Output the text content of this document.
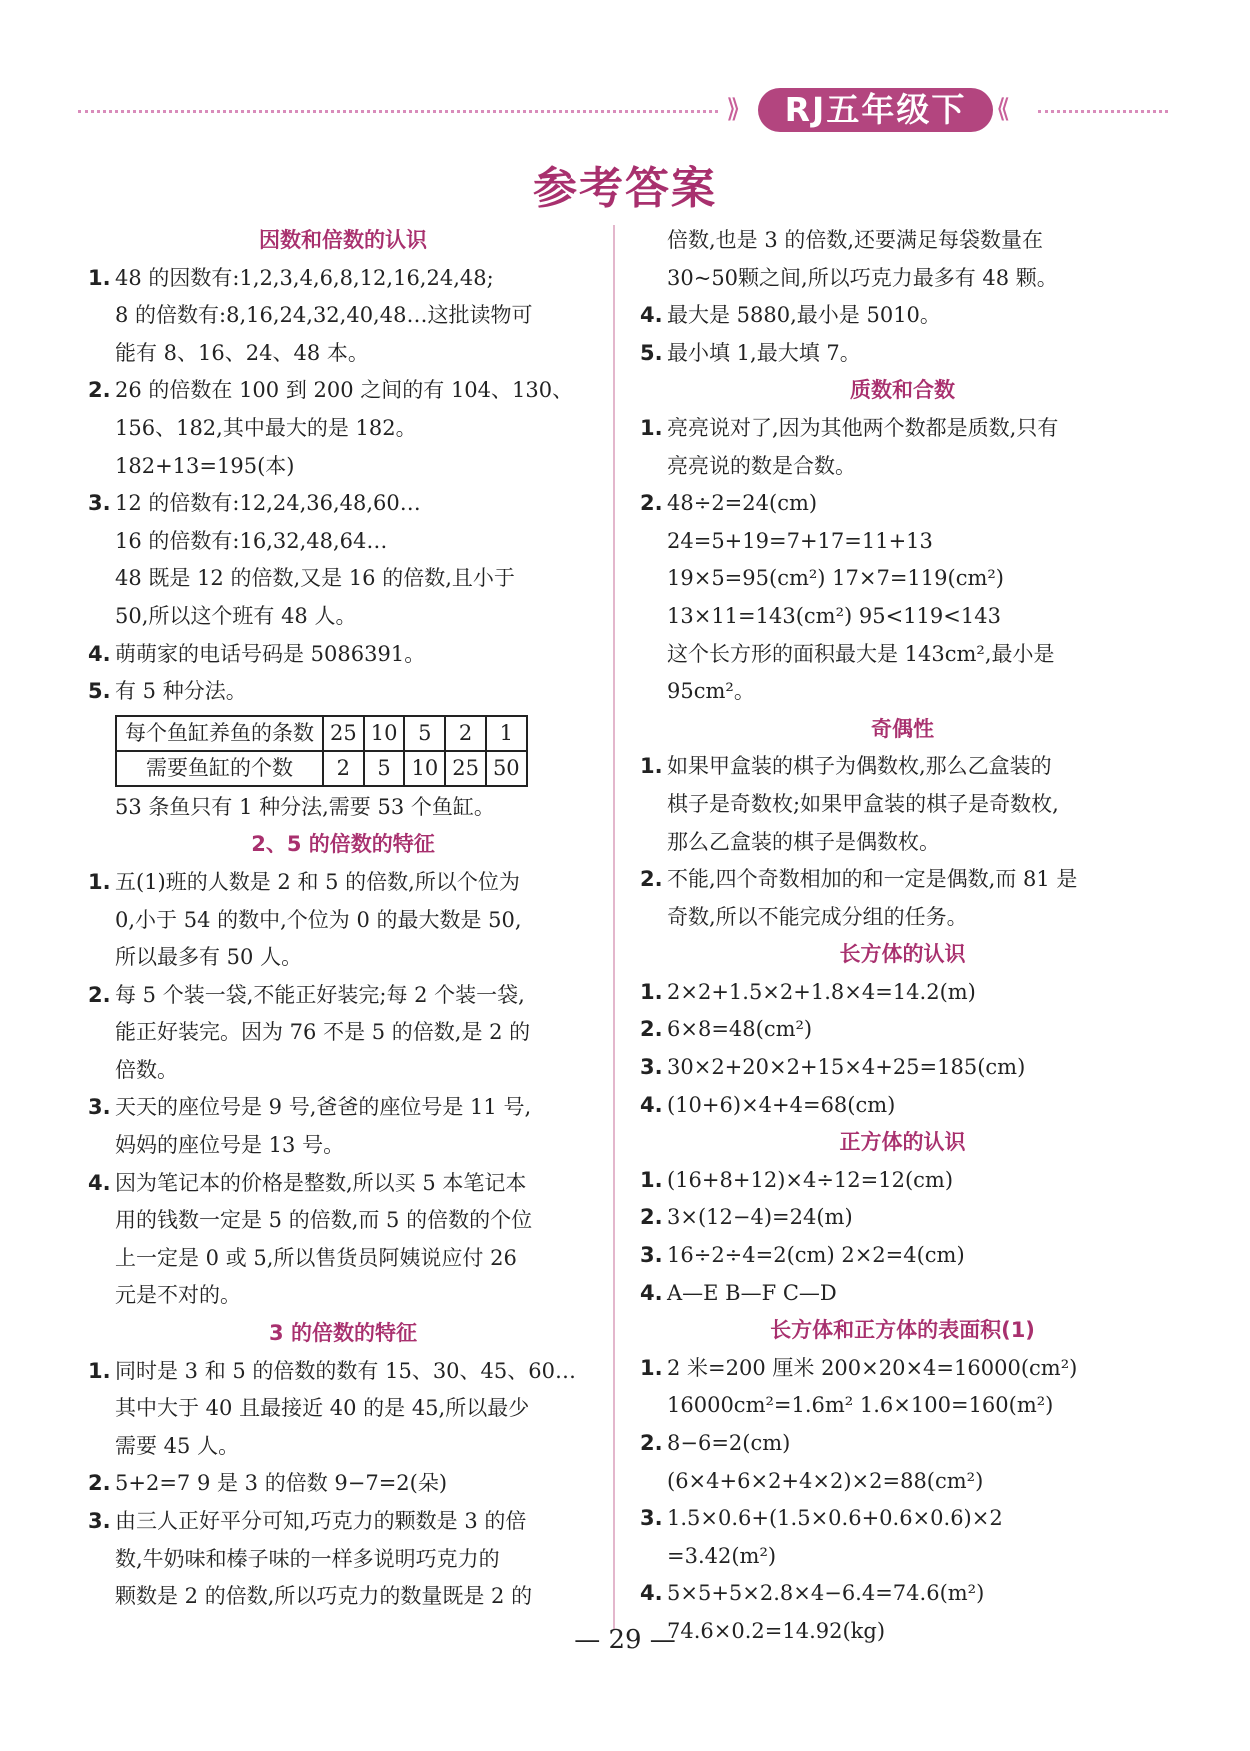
⟫	RJ五年级下	⟪
参考答案
因数和倍数的认识
1. 48 的因数有:1,2,3,4,6,8,12,16,24,48;
8 的倍数有:8,16,24,32,40,48…这批读物可
能有 8、16、24、48 本。
2. 26 的倍数在 100 到 200 之间的有 104、130、
156、182,其中最大的是 182。
182+13=195(本)
3. 12 的倍数有:12,24,36,48,60…
16 的倍数有:16,32,48,64…
48 既是 12 的倍数,又是 16 的倍数,且小于
50,所以这个班有 48 人。
4. 萌萌家的电话号码是 5086391。
5. 有 5 种分法。
每个鱼缸养鱼的条数	25	10	5	2	1
需要鱼缸的个数	2	5	10	25	50
53 条鱼只有 1 种分法,需要 53 个鱼缸。
2、5 的倍数的特征
1. 五(1)班的人数是 2 和 5 的倍数,所以个位为
0,小于 54 的数中,个位为 0 的最大数是 50,
所以最多有 50 人。
2. 每 5 个装一袋,不能正好装完;每 2 个装一袋,
能正好装完。因为 76 不是 5 的倍数,是 2 的
倍数。
3. 天天的座位号是 9 号,爸爸的座位号是 11 号,
妈妈的座位号是 13 号。
4. 因为笔记本的价格是整数,所以买 5 本笔记本
用的钱数一定是 5 的倍数,而 5 的倍数的个位
上一定是 0 或 5,所以售货员阿姨说应付 26
元是不对的。
3 的倍数的特征
1. 同时是 3 和 5 的倍数的数有 15、30、45、60…
其中大于 40 且最接近 40 的是 45,所以最少
需要 45 人。
2. 5+2=7 9 是 3 的倍数 9−7=2(朵)
3. 由三人正好平分可知,巧克力的颗数是 3 的倍
数,牛奶味和榛子味的一样多说明巧克力的
颗数是 2 的倍数,所以巧克力的数量既是 2 的
倍数,也是 3 的倍数,还要满足每袋数量在
30~50颗之间,所以巧克力最多有 48 颗。
4. 最大是 5880,最小是 5010。
5. 最小填 1,最大填 7。
质数和合数
1. 亮亮说对了,因为其他两个数都是质数,只有
亮亮说的数是合数。
2. 48÷2=24(cm)
24=5+19=7+17=11+13
19×5=95(cm²) 17×7=119(cm²)
13×11=143(cm²) 95<119<143
这个长方形的面积最大是 143cm²,最小是
95cm²。
奇偶性
1. 如果甲盒装的棋子为偶数枚,那么乙盒装的
棋子是奇数枚;如果甲盒装的棋子是奇数枚,
那么乙盒装的棋子是偶数枚。
2. 不能,四个奇数相加的和一定是偶数,而 81 是
奇数,所以不能完成分组的任务。
长方体的认识
1. 2×2+1.5×2+1.8×4=14.2(m)
2. 6×8=48(cm²)
3. 30×2+20×2+15×4+25=185(cm)
4. (10+6)×4+4=68(cm)
正方体的认识
1. (16+8+12)×4÷12=12(cm)
2. 3×(12−4)=24(m)
3. 16÷2÷4=2(cm) 2×2=4(cm)
4. A—E B—F C—D
长方体和正方体的表面积(1)
1. 2 米=200 厘米 200×20×4=16000(cm²)
16000cm²=1.6m² 1.6×100=160(m²)
2. 8−6=2(cm)
(6×4+6×2+4×2)×2=88(cm²)
3. 1.5×0.6+(1.5×0.6+0.6×0.6)×2
=3.42(m²)
4. 5×5+5×2.8×4−6.4=74.6(m²)
74.6×0.2=14.92(kg)
— 29 —
